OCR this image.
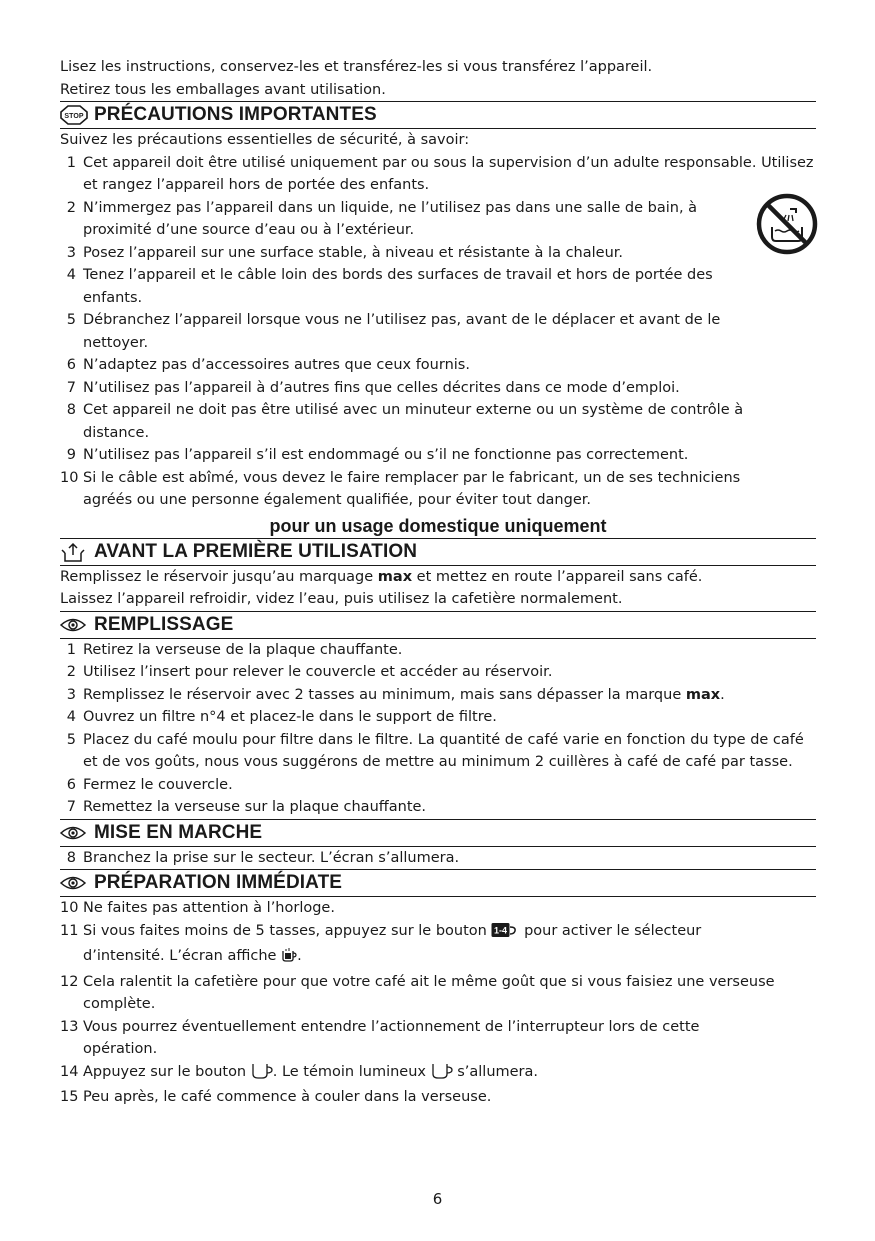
Lisez les instructions, conservez-les et transférez-les si vous transférez l’appareil.
Retirez tous les emballages avant utilisation.
STOP PRÉCAUTIONS IMPORTANTES
Suivez les précautions essentielles de sécurité, à savoir:
1 Cet appareil doit être utilisé uniquement par ou sous la supervision d’un adulte responsable. Utilisez et rangez l’appareil hors de portée des enfants.
2 N’immergez pas l’appareil dans un liquide, ne l’utilisez pas dans une salle de bain, à proximité d’une source d’eau ou à l’extérieur.
3 Posez l’appareil sur une surface stable, à niveau et résistante à la chaleur.
4 Tenez l’appareil et le câble loin des bords des surfaces de travail et hors de portée des enfants.
5 Débranchez l’appareil lorsque vous ne l’utilisez pas, avant de le déplacer et avant de le nettoyer.
6 N’adaptez pas d’accessoires autres que ceux fournis.
7 N’utilisez pas l’appareil à d’autres fins que celles décrites dans ce mode d’emploi.
8 Cet appareil ne doit pas être utilisé avec un minuteur externe ou un système de contrôle à distance.
9 N’utilisez pas l’appareil s’il est endommagé ou s’il ne fonctionne pas correctement.
10 Si le câble est abîmé, vous devez le faire remplacer par le fabricant, un de ses techniciens agréés ou une personne également qualifiée, pour éviter tout danger.
pour un usage domestique uniquement
AVANT LA PREMIÈRE UTILISATION
Remplissez le réservoir jusqu’au marquage max et mettez en route l’appareil sans café.
Laissez l’appareil refroidir, videz l’eau, puis utilisez la cafetière normalement.
REMPLISSAGE
1 Retirez la verseuse de la plaque chauffante.
2 Utilisez l’insert pour relever le couvercle et accéder au réservoir.
3 Remplissez le réservoir avec 2 tasses au minimum, mais sans dépasser la marque max.
4 Ouvrez un filtre n°4 et placez-le dans le support de filtre.
5 Placez du café moulu pour filtre dans le filtre. La quantité de café varie en fonction du type de café et de vos goûts, nous vous suggérons de mettre au minimum 2 cuillères à café de café par tasse.
6 Fermez le couvercle.
7 Remettez la verseuse sur la plaque chauffante.
MISE EN MARCHE
8 Branchez la prise sur le secteur. L’écran s’allumera.
PRÉPARATION IMMÉDIATE
10 Ne faites pas attention à l’horloge.
11 Si vous faites moins de 5 tasses, appuyez sur le bouton 1-4 pour activer le sélecteur d’intensité. L’écran affiche .
12 Cela ralentit la cafetière pour que votre café ait le même goût que si vous faisiez une verseuse complète.
13 Vous pourrez éventuellement entendre l’actionnement de l’interrupteur lors de cette opération.
14 Appuyez sur le bouton . Le témoin lumineux  s’allumera.
15 Peu après, le café commence à couler dans la verseuse.
6
